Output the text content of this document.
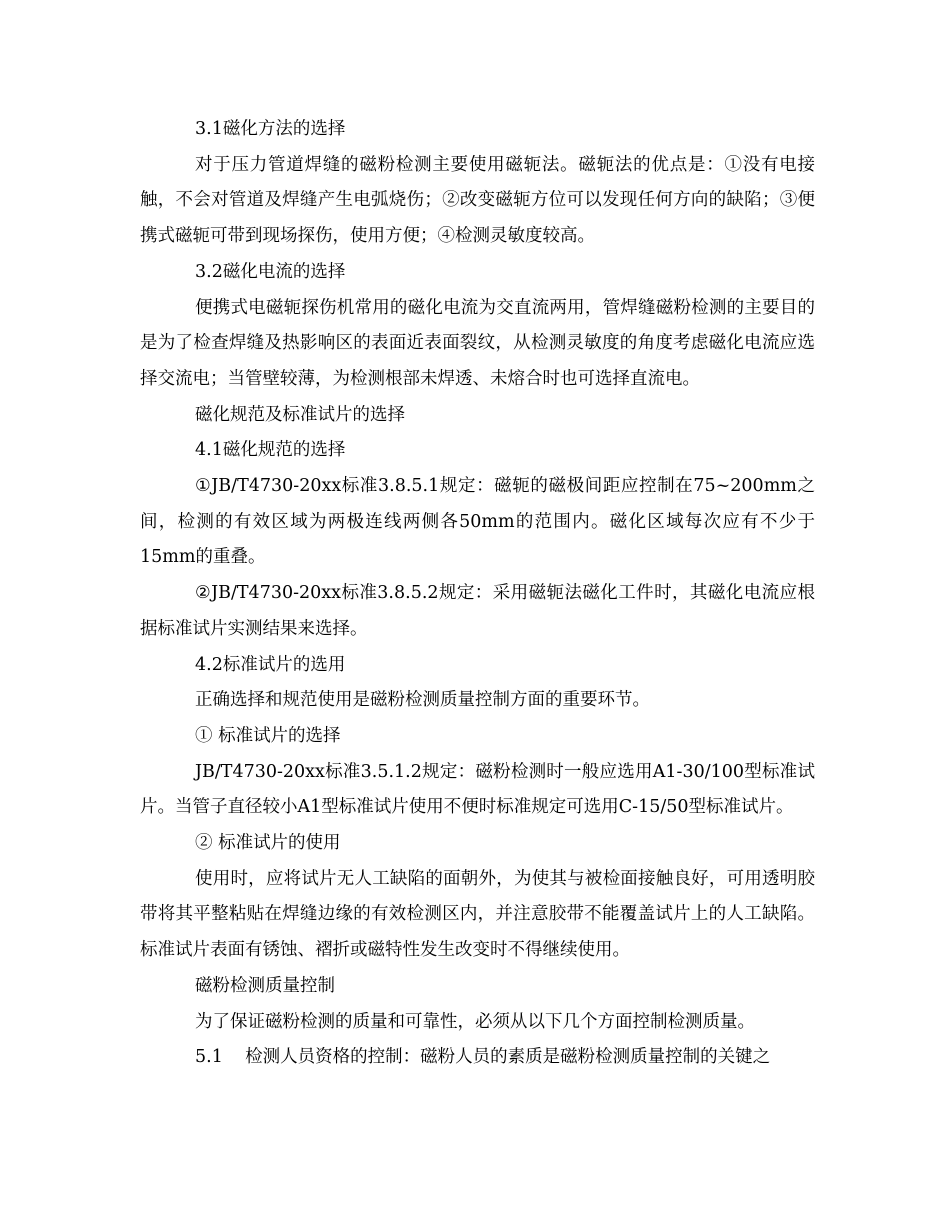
3.1磁化方法的选择

对于压力管道焊缝的磁粉检测主要使用磁轭法。磁轭法的优点是：①没有电接触，不会对管道及焊缝产生电弧烧伤；②改变磁轭方位可以发现任何方向的缺陷；③便携式磁轭可带到现场探伤，使用方便；④检测灵敏度较高。

3.2磁化电流的选择

便携式电磁轭探伤机常用的磁化电流为交直流两用，管焊缝磁粉检测的主要目的是为了检查焊缝及热影响区的表面近表面裂纹，从检测灵敏度的角度考虑磁化电流应选择交流电；当管壁较薄，为检测根部未焊透、未熔合时也可选择直流电。

磁化规范及标准试片的选择

4.1磁化规范的选择

①JB/T4730-20xx标准3.8.5.1规定：磁轭的磁极间距应控制在75~200mm之间，检测的有效区域为两极连线两侧各50mm的范围内。磁化区域每次应有不少于15mm的重叠。

②JB/T4730-20xx标准3.8.5.2规定：采用磁轭法磁化工件时，其磁化电流应根据标准试片实测结果来选择。

4.2标准试片的选用

正确选择和规范使用是磁粉检测质量控制方面的重要环节。

① 标准试片的选择

JB/T4730-20xx标准3.5.1.2规定：磁粉检测时一般应选用A1-30/100型标准试片。当管子直径较小A1型标准试片使用不便时标准规定可选用C-15/50型标准试片。

② 标准试片的使用

使用时，应将试片无人工缺陷的面朝外，为使其与被检面接触良好，可用透明胶带将其平整粘贴在焊缝边缘的有效检测区内，并注意胶带不能覆盖试片上的人工缺陷。标准试片表面有锈蚀、褶折或磁特性发生改变时不得继续使用。

磁粉检测质量控制

为了保证磁粉检测的质量和可靠性，必须从以下几个方面控制检测质量。

5.1    检测人员资格的控制：磁粉人员的素质是磁粉检测质量控制的关键之
